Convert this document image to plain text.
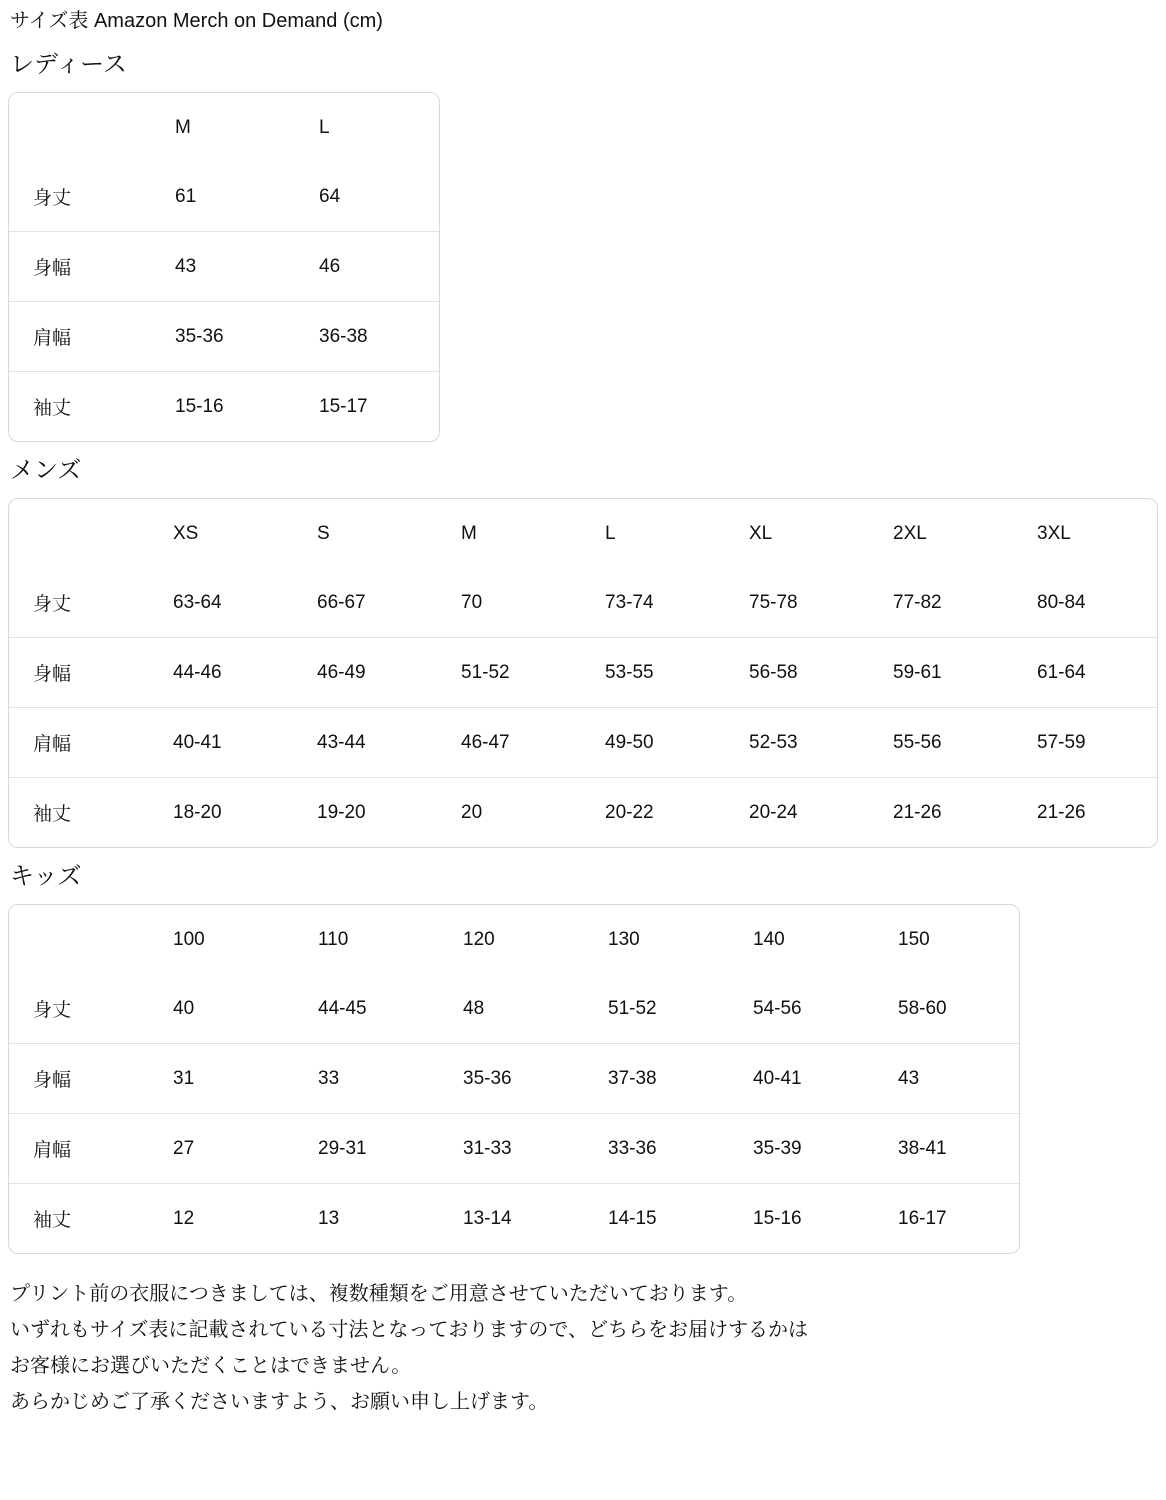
サイズ表 Amazon Merch on Demand (cm)
レディース
	M	L
身丈	61	64
身幅	43	46
肩幅	35-36	36-38
袖丈	15-16	15-17
メンズ
	XS	S	M	L	XL	2XL	3XL
身丈	63-64	66-67	70	73-74	75-78	77-82	80-84
身幅	44-46	46-49	51-52	53-55	56-58	59-61	61-64
肩幅	40-41	43-44	46-47	49-50	52-53	55-56	57-59
袖丈	18-20	19-20	20	20-22	20-24	21-26	21-26
キッズ
	100	110	120	130	140	150
身丈	40	44-45	48	51-52	54-56	58-60
身幅	31	33	35-36	37-38	40-41	43
肩幅	27	29-31	31-33	33-36	35-39	38-41
袖丈	12	13	13-14	14-15	15-16	16-17

プリント前の衣服につきましては、複数種類をご用意させていただいております。

いずれもサイズ表に記載されている寸法となっておりますので、どちらをお届けするかは

お客様にお選びいただくことはできません。

あらかじめご了承くださいますよう、お願い申し上げます。
